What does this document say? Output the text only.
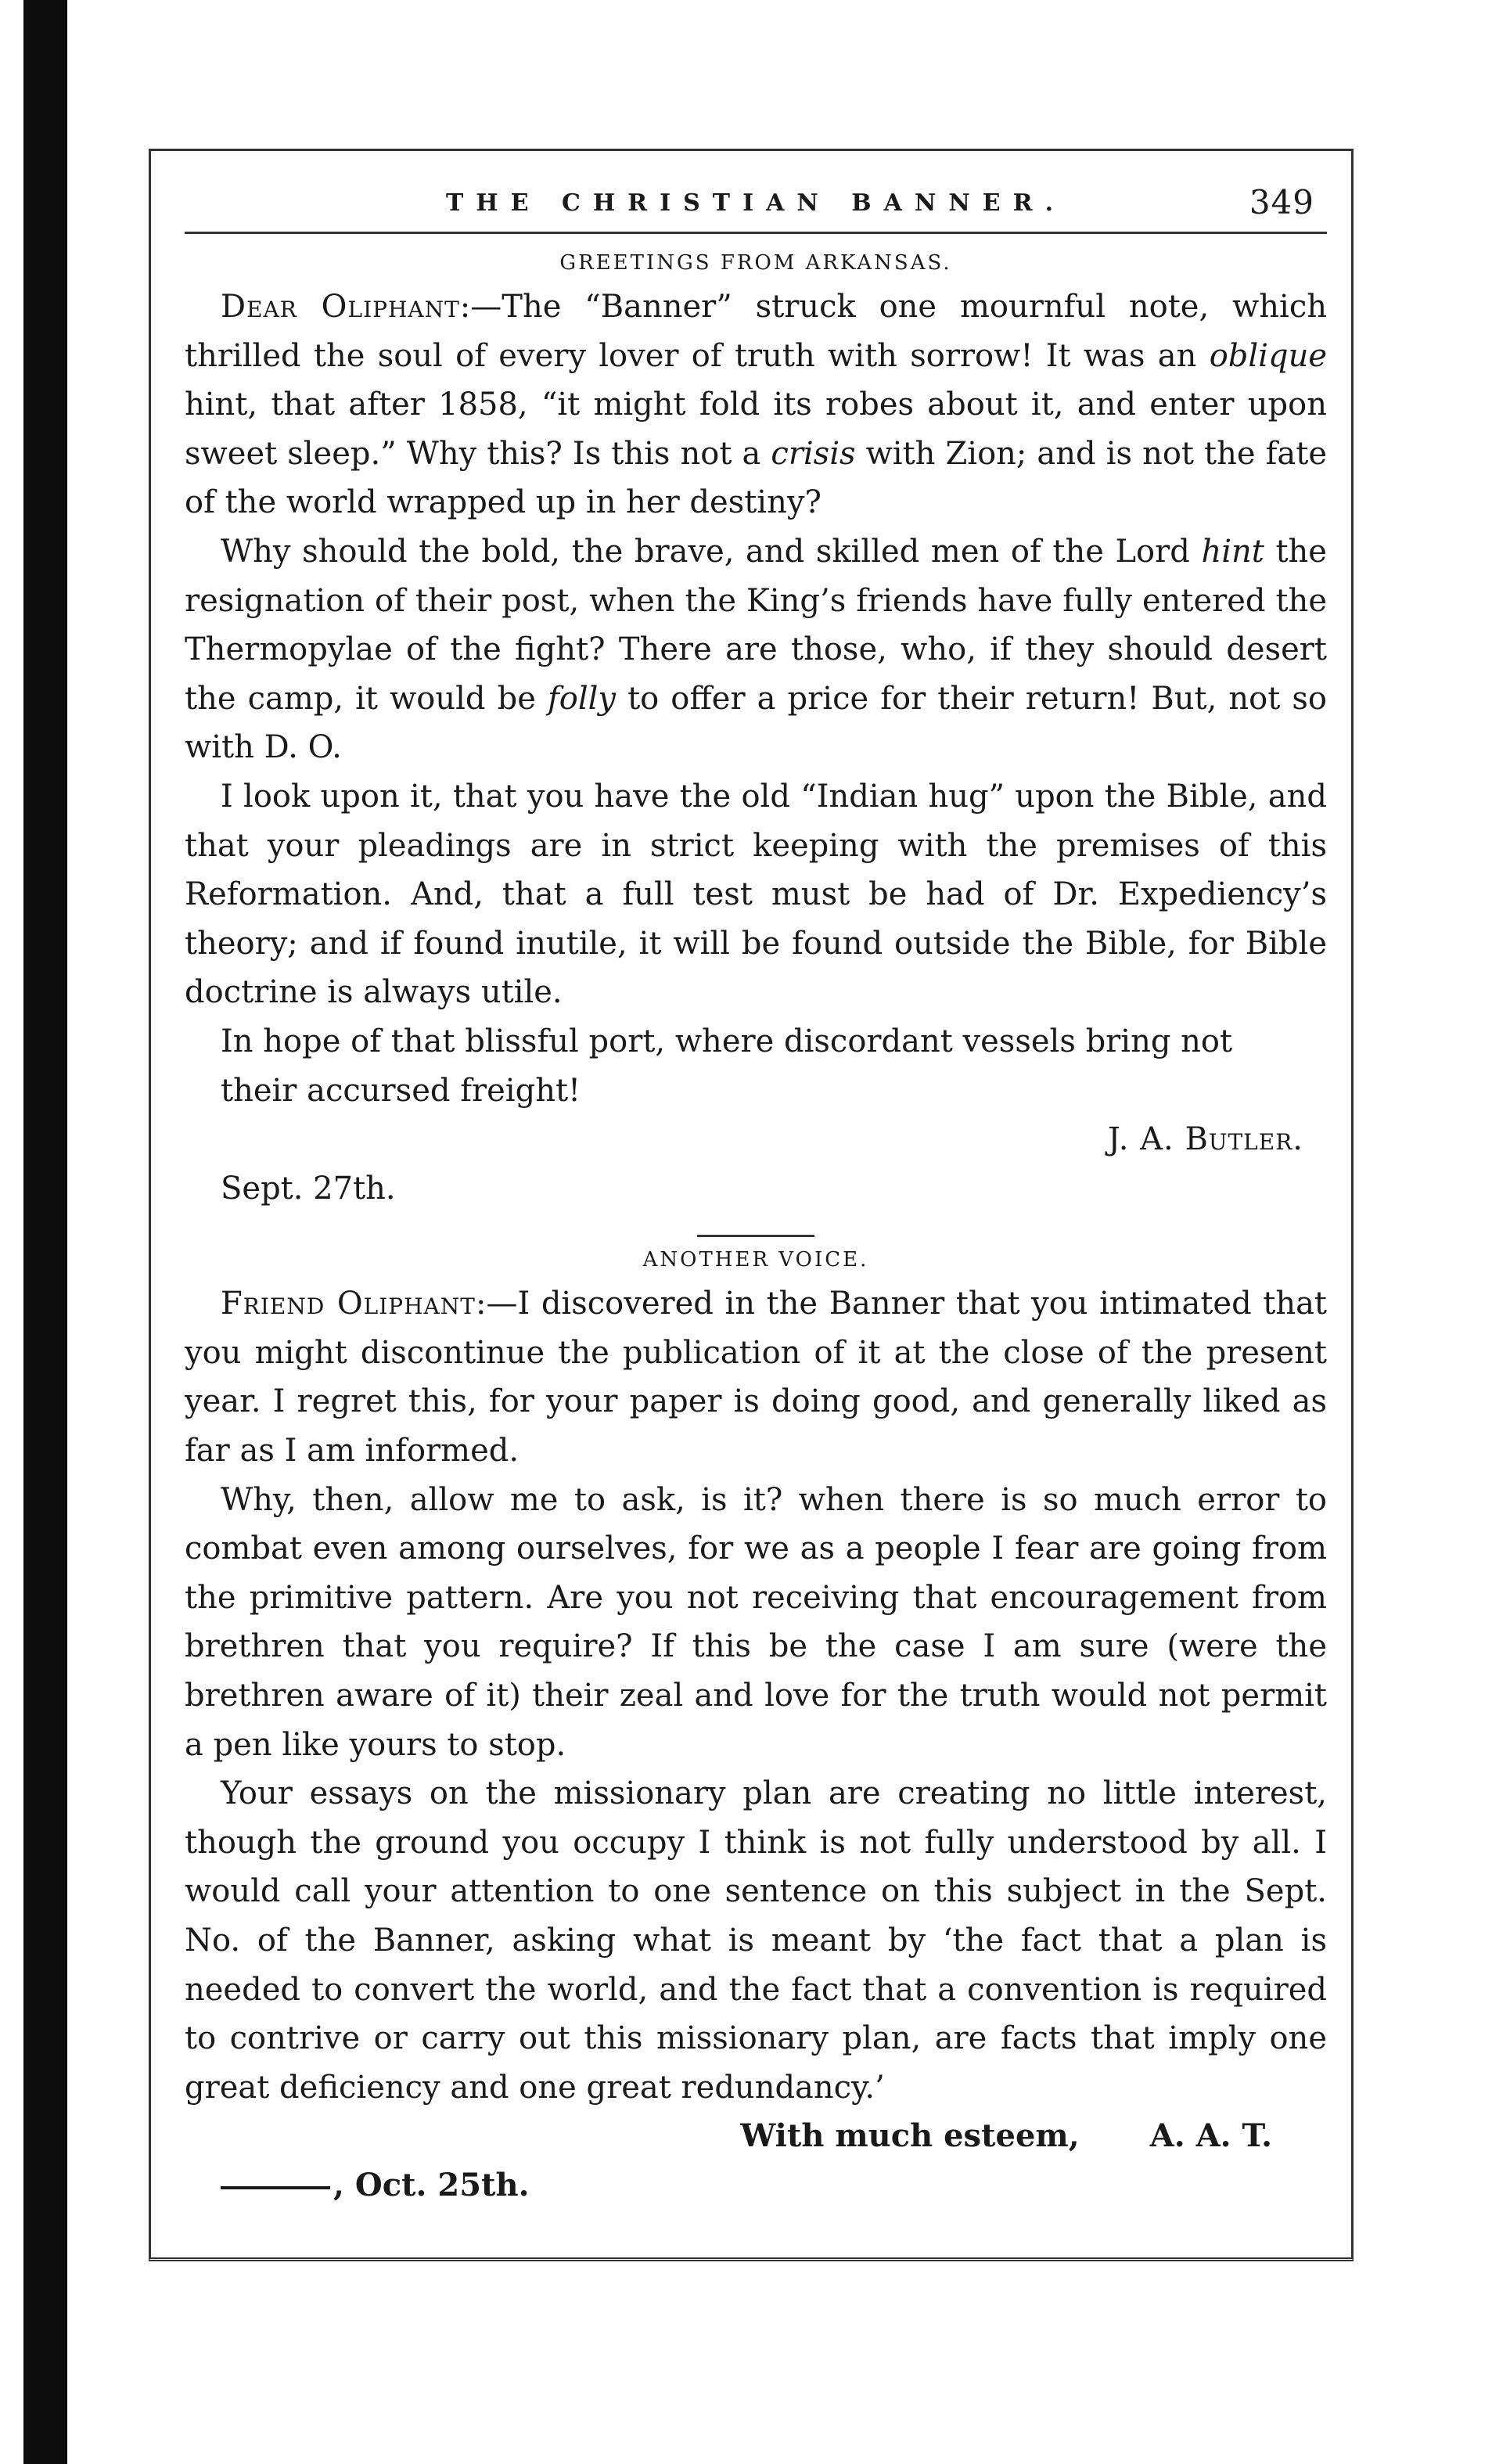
THE CHRISTIAN BANNER.	349
GREETINGS FROM ARKANSAS.

Dear Oliphant:—The “Banner” struck one mournful note, which thrilled the soul of every lover of truth with sorrow! It was an oblique hint, that after 1858, “it might fold its robes about it, and enter upon sweet sleep.” Why this? Is this not a crisis with Zion; and is not the fate of the world wrapped up in her destiny?

Why should the bold, the brave, and skilled men of the Lord hint the resignation of their post, when the King’s friends have fully entered the Thermopylae of the fight? There are those, who, if they should desert the camp, it would be folly to offer a price for their return! But, not so with D. O.

I look upon it, that you have the old “Indian hug” upon the Bible, and that your pleadings are in strict keeping with the premises of this Reformation. And, that a full test must be had of Dr. Expediency’s theory; and if found inutile, it will be found outside the Bible, for Bible doctrine is always utile.

In hope of that blissful port, where discordant vessels bring not their accursed freight!
J. A. Butler.

Sept. 27th.

ANOTHER VOICE.

Friend Oliphant:—I discovered in the Banner that you intimated that you might discontinue the publication of it at the close of the present year. I regret this, for your paper is doing good, and generally liked as far as I am informed.

Why, then, allow me to ask, is it? when there is so much error to combat even among ourselves, for we as a people I fear are going from the primitive pattern. Are you not receiving that encouragement from brethren that you require? If this be the case I am sure (were the brethren aware of it) their zeal and love for the truth would not permit a pen like yours to stop.

Your essays on the missionary plan are creating no little interest, though the ground you occupy I think is not fully understood by all. I would call your attention to one sentence on this subject in the Sept. No. of the Banner, asking what is meant by ‘the fact that a plan is needed to convert the world, and the fact that a convention is required to contrive or carry out this missionary plan, are facts that imply one great deficiency and one great redundancy.’

With much esteem, A. A. T.
, Oct. 25th.
